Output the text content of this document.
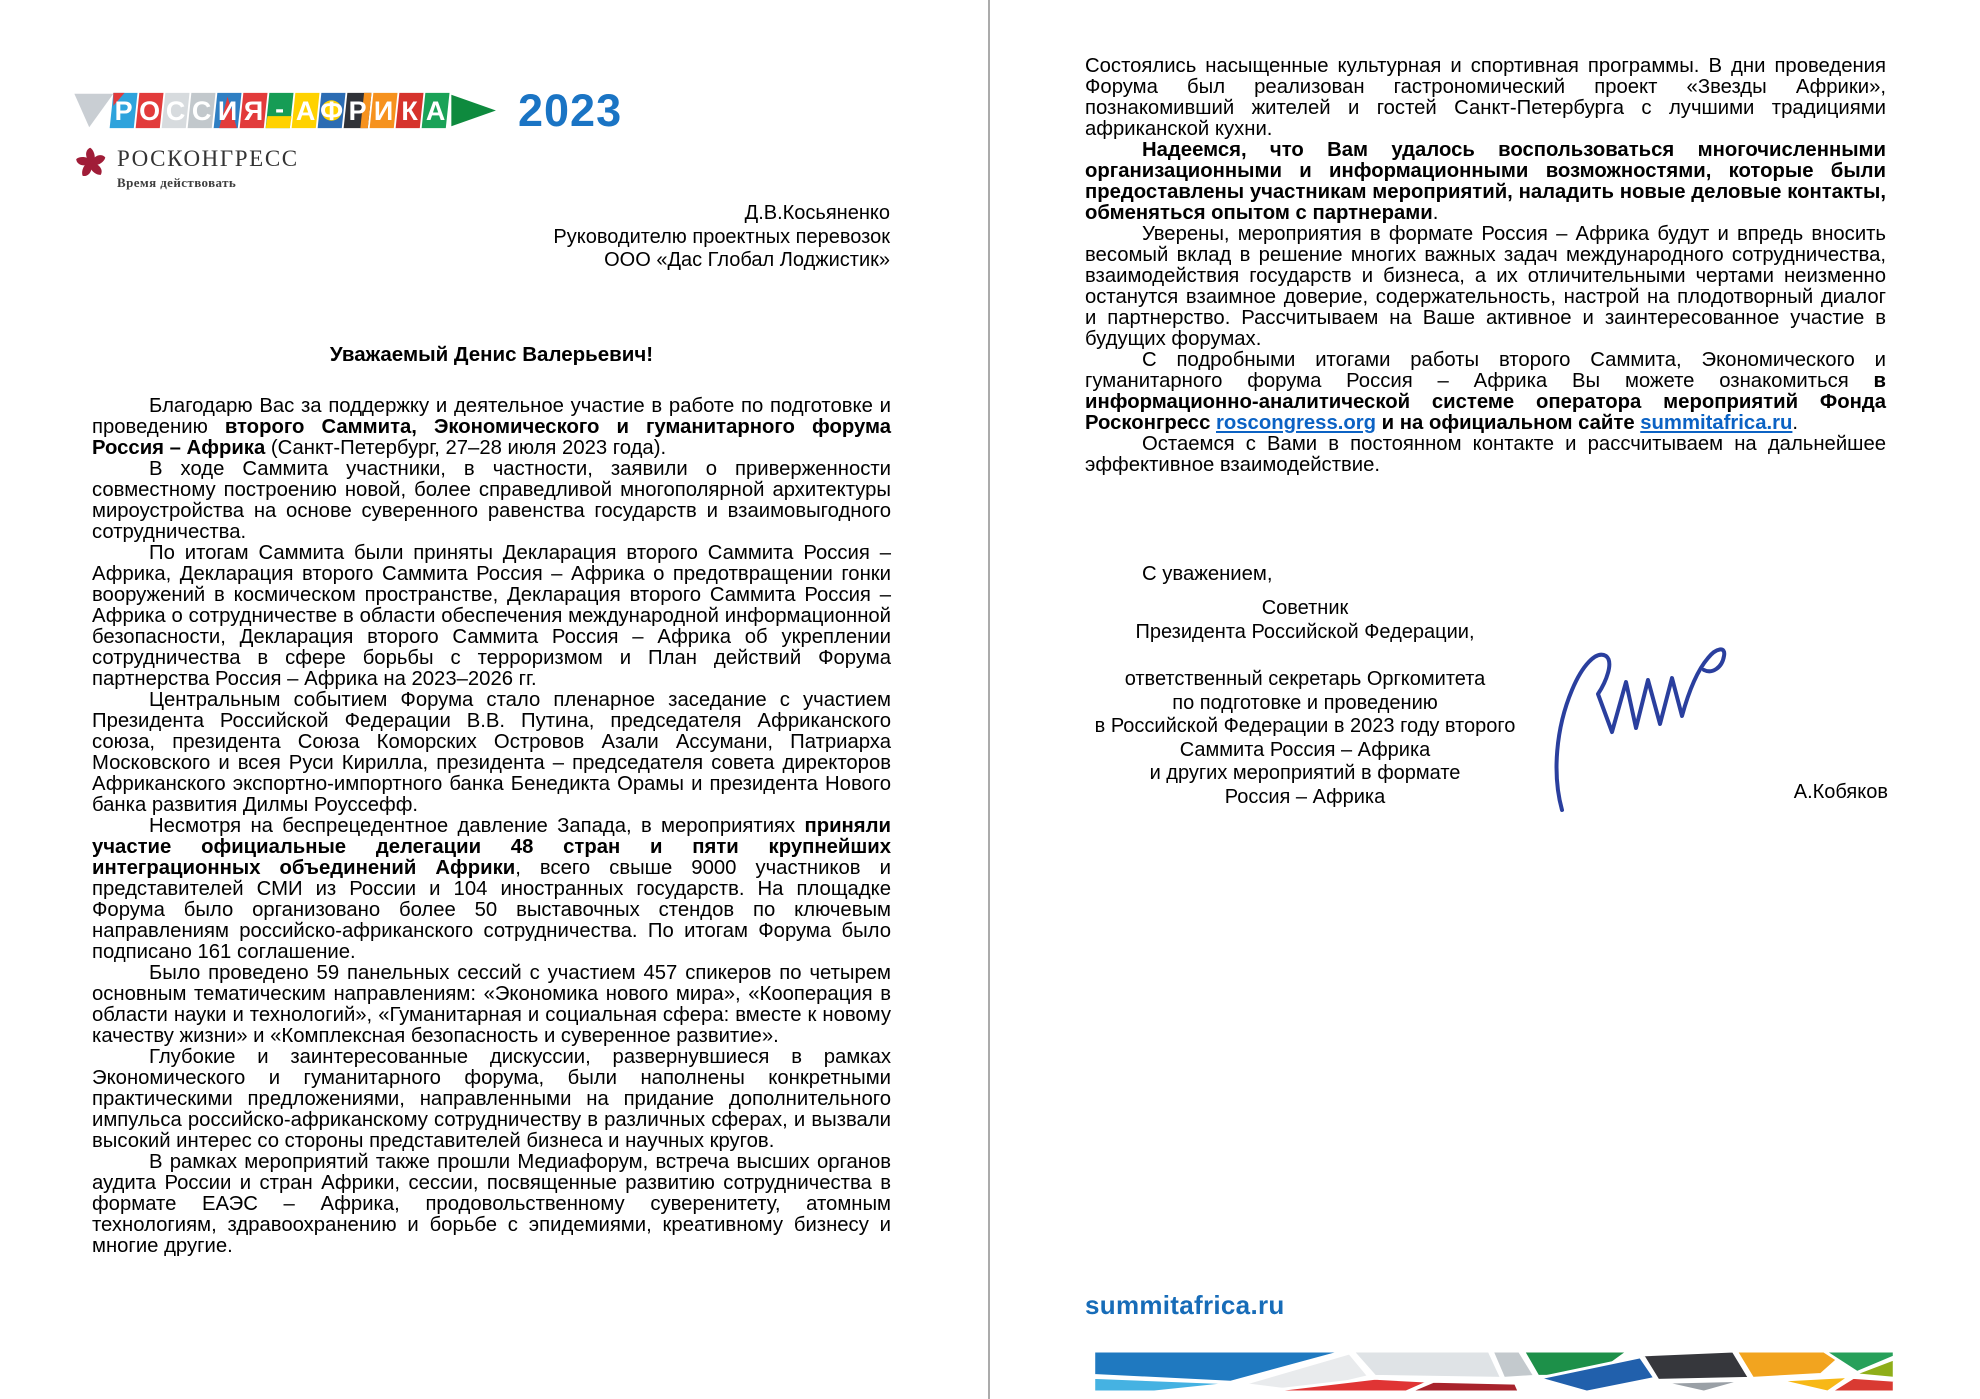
Р О С С И Я - А Ф Р И К А 2023
РОСКОНГРЕСС
Время действовать
Д.В.Косьяненко
Руководителю проектных перевозок
ООО «Дас Глобал Лоджистик»

Уважаемый Денис Валерьевич!

Благодарю Вас за поддержку и деятельное участие в работе по подготовке и проведению второго Саммита, Экономического и гуманитарного форума Россия – Африка (Санкт-Петербург, 27–28 июля 2023 года).

В ходе Саммита участники, в частности, заявили о приверженности совместному построению новой, более справедливой многополярной архитектуры мироустройства на основе суверенного равенства государств и взаимовыгодного сотрудничества.

По итогам Саммита были приняты Декларация второго Саммита Россия – Африка, Декларация второго Саммита Россия – Африка о предотвращении гонки вооружений в космическом пространстве, Декларация второго Саммита Россия – Африка о сотрудничестве в области обеспечения международной информационной безопасности, Декларация второго Саммита Россия – Африка об укреплении сотрудничества в сфере борьбы с терроризмом и План действий Форума партнерства Россия – Африка на 2023–2026 гг.

Центральным событием Форума стало пленарное заседание с участием Президента Российской Федерации В.В. Путина, председателя Африканского союза, президента Союза Коморских Островов Азали Ассумани, Патриарха Московского и всея Руси Кирилла, президента – председателя совета директоров Африканского экспортно-импортного банка Бенедикта Орамы и президента Нового банка развития Дилмы Роуссефф.

Несмотря на беспрецедентное давление Запада, в мероприятиях приняли участие официальные делегации 48 стран и пяти крупнейших интеграционных объединений Африки, всего свыше 9000 участников и представителей СМИ из России и 104 иностранных государств. На площадке Форума было организовано более 50 выставочных стендов по ключевым направлениям российско-африканского сотрудничества. По итогам Форума было подписано 161 соглашение.

Было проведено 59 панельных сессий с участием 457 спикеров по четырем основным тематическим направлениям: «Экономика нового мира», «Кооперация в области науки и технологий», «Гуманитарная и социальная сфера: вместе к новому качеству жизни» и «Комплексная безопасность и суверенное развитие».

Глубокие и заинтересованные дискуссии, развернувшиеся в рамках Экономического и гуманитарного форума, были наполнены конкретными практическими предложениями, направленными на придание дополнительного импульса российско-африканскому сотрудничеству в различных сферах, и вызвали высокий интерес со стороны представителей бизнеса и научных кругов.

В рамках мероприятий также прошли Медиафорум, встреча высших органов аудита России и стран Африки, сессии, посвященные развитию сотрудничества в формате ЕАЭС – Африка, продовольственному суверенитету, атомным технологиям, здравоохранению и борьбе с эпидемиями, креативному бизнесу и многие другие.

Состоялись насыщенные культурная и спортивная программы. В дни проведения Форума был реализован гастрономический проект «Звезды Африки», познакомивший жителей и гостей Санкт-Петербурга с лучшими традициями африканской кухни.

Надеемся, что Вам удалось воспользоваться многочисленными организационными и информационными возможностями, которые были предоставлены участникам мероприятий, наладить новые деловые контакты, обменяться опытом с партнерами.

Уверены, мероприятия в формате Россия – Африка будут и впредь вносить весомый вклад в решение многих важных задач международного сотрудничества, взаимодействия государств и бизнеса, а их отличительными чертами неизменно останутся взаимное доверие, содержательность, настрой на плодотворный диалог и партнерство. Рассчитываем на Ваше активное и заинтересованное участие в будущих форумах.

С подробными итогами работы второго Саммита, Экономического и гуманитарного форума Россия – Африка Вы можете ознакомиться в информационно-аналитической системе оператора мероприятий Фонда Росконгресс roscongress.org и на официальном сайте summitafrica.ru.

Остаемся с Вами в постоянном контакте и рассчитываем на дальнейшее эффективное взаимодействие.

С уважением,

Советник
Президента Российской Федерации,
ответственный секретарь Оргкомитета
по подготовке и проведению
в Российской Федерации в 2023 году второго
Саммита Россия – Африка
и других мероприятий в формате
Россия – Африка	А.Кобяков
summitafrica.ru
